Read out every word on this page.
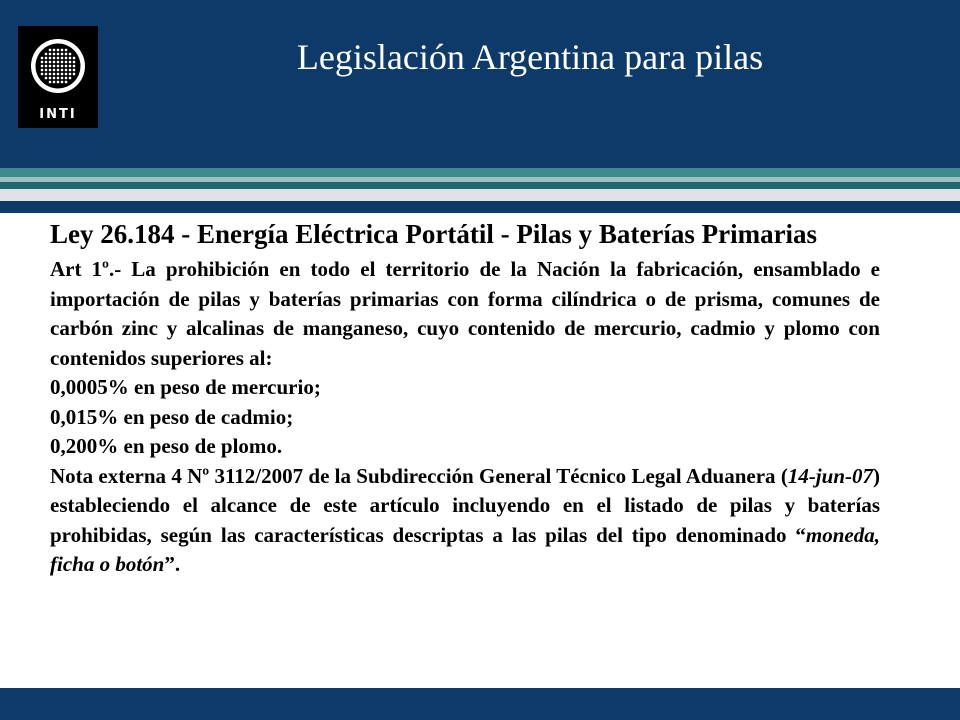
INTI
Legislación Argentina para pilas

Ley 26.184 - Energía Eléctrica Portátil - Pilas y Baterías Primarias

Art 1º.- La prohibición en todo el territorio de la Nación la fabricación, ensamblado e importación de pilas y baterías primarias con forma cilíndrica o de prisma, comunes de carbón zinc y alcalinas de manganeso, cuyo contenido de mercurio, cadmio y plomo con contenidos superiores al:

0,0005% en peso de mercurio;

0,015% en peso de cadmio;

0,200% en peso de plomo.

Nota externa 4 Nº 3112/2007 de la Subdirección General Técnico Legal Aduanera (14-jun-07) estableciendo el alcance de este artículo incluyendo en el listado de pilas y baterías prohibidas, según las características descriptas a las pilas del tipo denominado “moneda, ficha o botón”.
